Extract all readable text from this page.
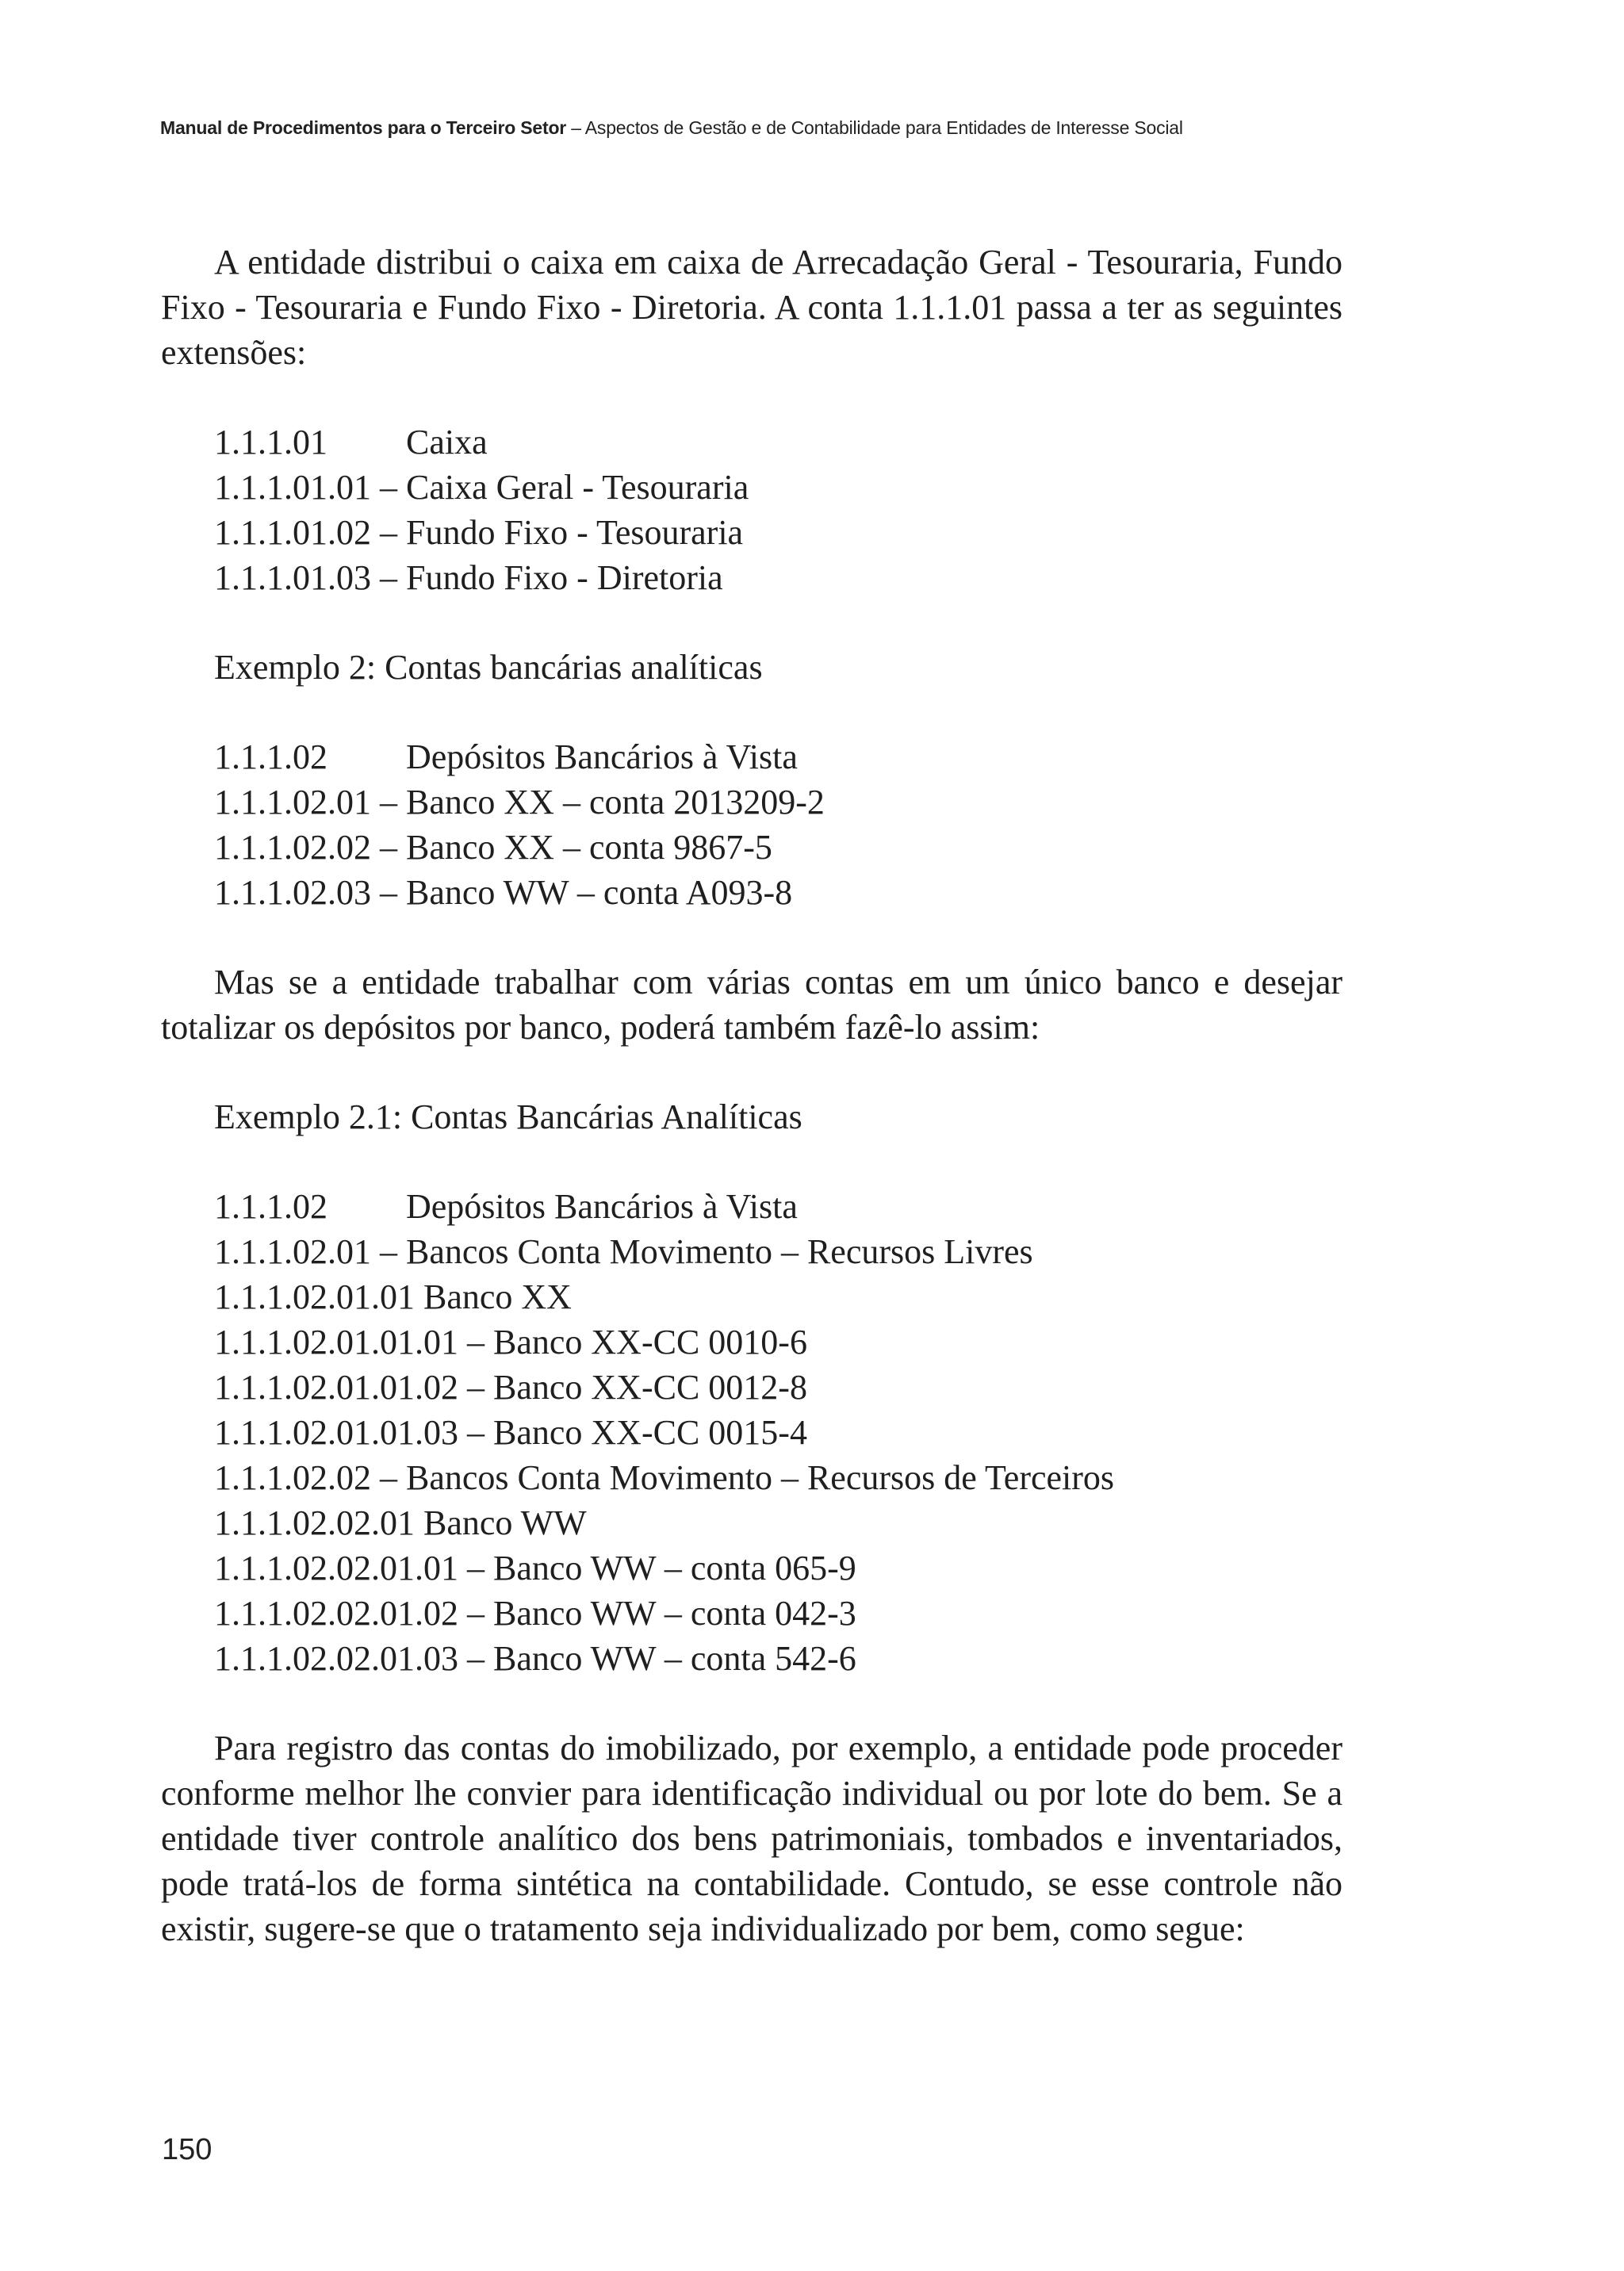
Manual de Procedimentos para o Terceiro Setor – Aspectos de Gestão e de Contabilidade para Entidades de Interesse Social

A entidade distribui o caixa em caixa de Arrecadação Geral - Tesouraria, Fundo Fixo - Tesouraria e Fundo Fixo - Diretoria. A conta 1.1.1.01 passa a ter as seguintes extensões:

1.1.1.01 Caixa
1.1.1.01.01 – Caixa Geral - Tesouraria
1.1.1.01.02 – Fundo Fixo - Tesouraria
1.1.1.01.03 – Fundo Fixo - Diretoria
Exemplo 2: Contas bancárias analíticas
1.1.1.02 Depósitos Bancários à Vista
1.1.1.02.01 – Banco XX – conta 2013209-2
1.1.1.02.02 – Banco XX – conta 9867-5
1.1.1.02.03 – Banco WW – conta A093-8

Mas se a entidade trabalhar com várias contas em um único banco e desejar totalizar os depósitos por banco, poderá também fazê-lo assim:

Exemplo 2.1: Contas Bancárias Analíticas
1.1.1.02 Depósitos Bancários à Vista
1.1.1.02.01 – Bancos Conta Movimento – Recursos Livres
1.1.1.02.01.01 Banco XX
1.1.1.02.01.01.01 – Banco XX-CC 0010-6
1.1.1.02.01.01.02 – Banco XX-CC 0012-8
1.1.1.02.01.01.03 – Banco XX-CC 0015-4
1.1.1.02.02 – Bancos Conta Movimento – Recursos de Terceiros
1.1.1.02.02.01 Banco WW
1.1.1.02.02.01.01 – Banco WW – conta 065-9
1.1.1.02.02.01.02 – Banco WW – conta 042-3
1.1.1.02.02.01.03 – Banco WW – conta 542-6

Para registro das contas do imobilizado, por exemplo, a entidade pode proceder conforme melhor lhe convier para identificação individual ou por lote do bem. Se a entidade tiver controle analítico dos bens patrimoniais, tombados e inventariados, pode tratá-los de forma sintética na contabilidade. Contudo, se esse controle não existir, sugere-se que o tratamento seja individualizado por bem, como segue:

150
